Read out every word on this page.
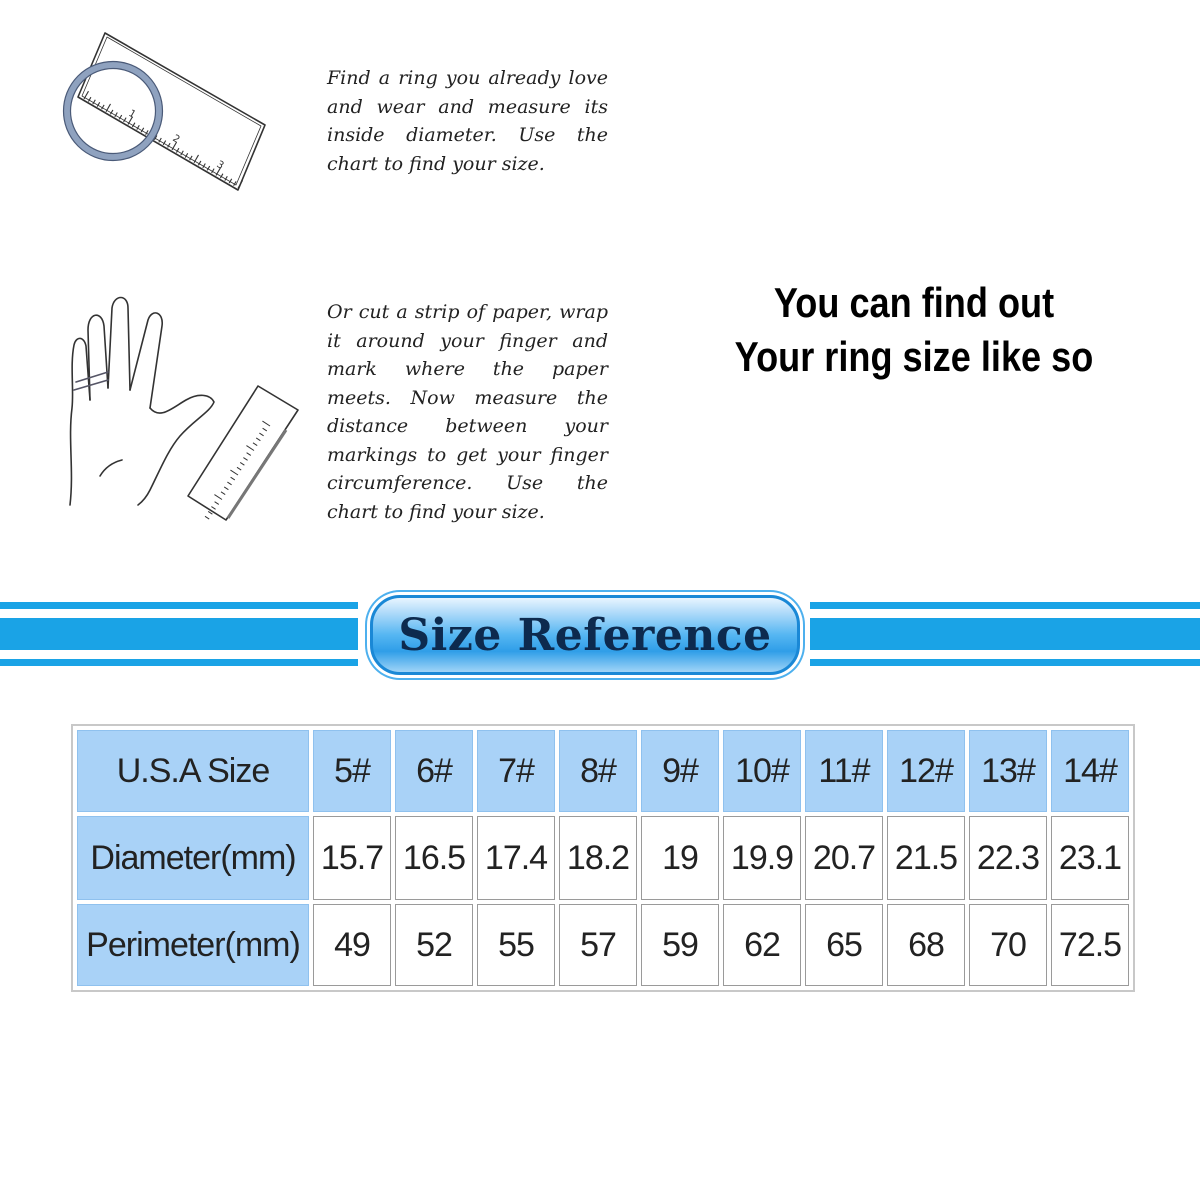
1
2
3

Find a ring you already love and wear and measure its inside diameter. Use the chart to find your size.

Or cut a strip of paper, wrap it around your finger and mark where the paper meets. Now measure the distance between your markings to get your finger circumference. Use the chart to find your size.

You can find out
Your ring size like so
Size Reference
U.S.A Size	5#	6#	7#	8#	9#	10#	11#	12#	13#	14#
Diameter(mm)	15.7	16.5	17.4	18.2	19	19.9	20.7	21.5	22.3	23.1
Perimeter(mm)	49	52	55	57	59	62	65	68	70	72.5
